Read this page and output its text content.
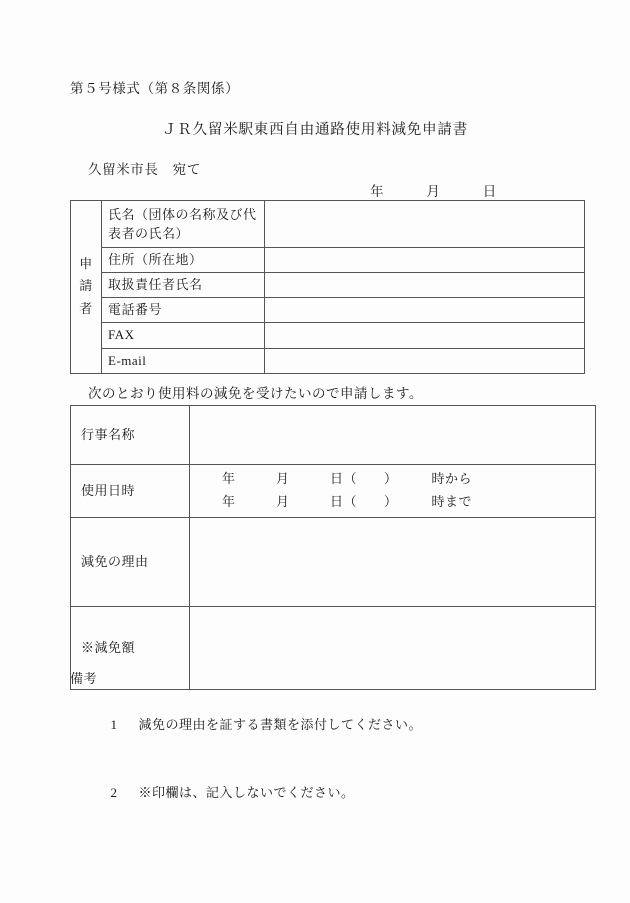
第５号様式（第８条関係）
ＪＲ久留米駅東西自由通路使用料減免申請書
久留米市長　宛て
年　　　月　　　日
申
請
者	氏名（団体の名称及び代表者の氏名）	
	住所（所在地）	
	取扱責任者氏名	
	電話番号	
	FAX	
	E-mail	
次のとおり使用料の減免を受けたいので申請します。
行事名称	
使用日時	年　　　月　　　日（　　）　　　時から
年　　　月　　　日（　　）　　　時まで

減免の理由	
※減免額	
備考

1 減免の理由を証する書類を添付してください。

2 ※印欄は、記入しないでください。
